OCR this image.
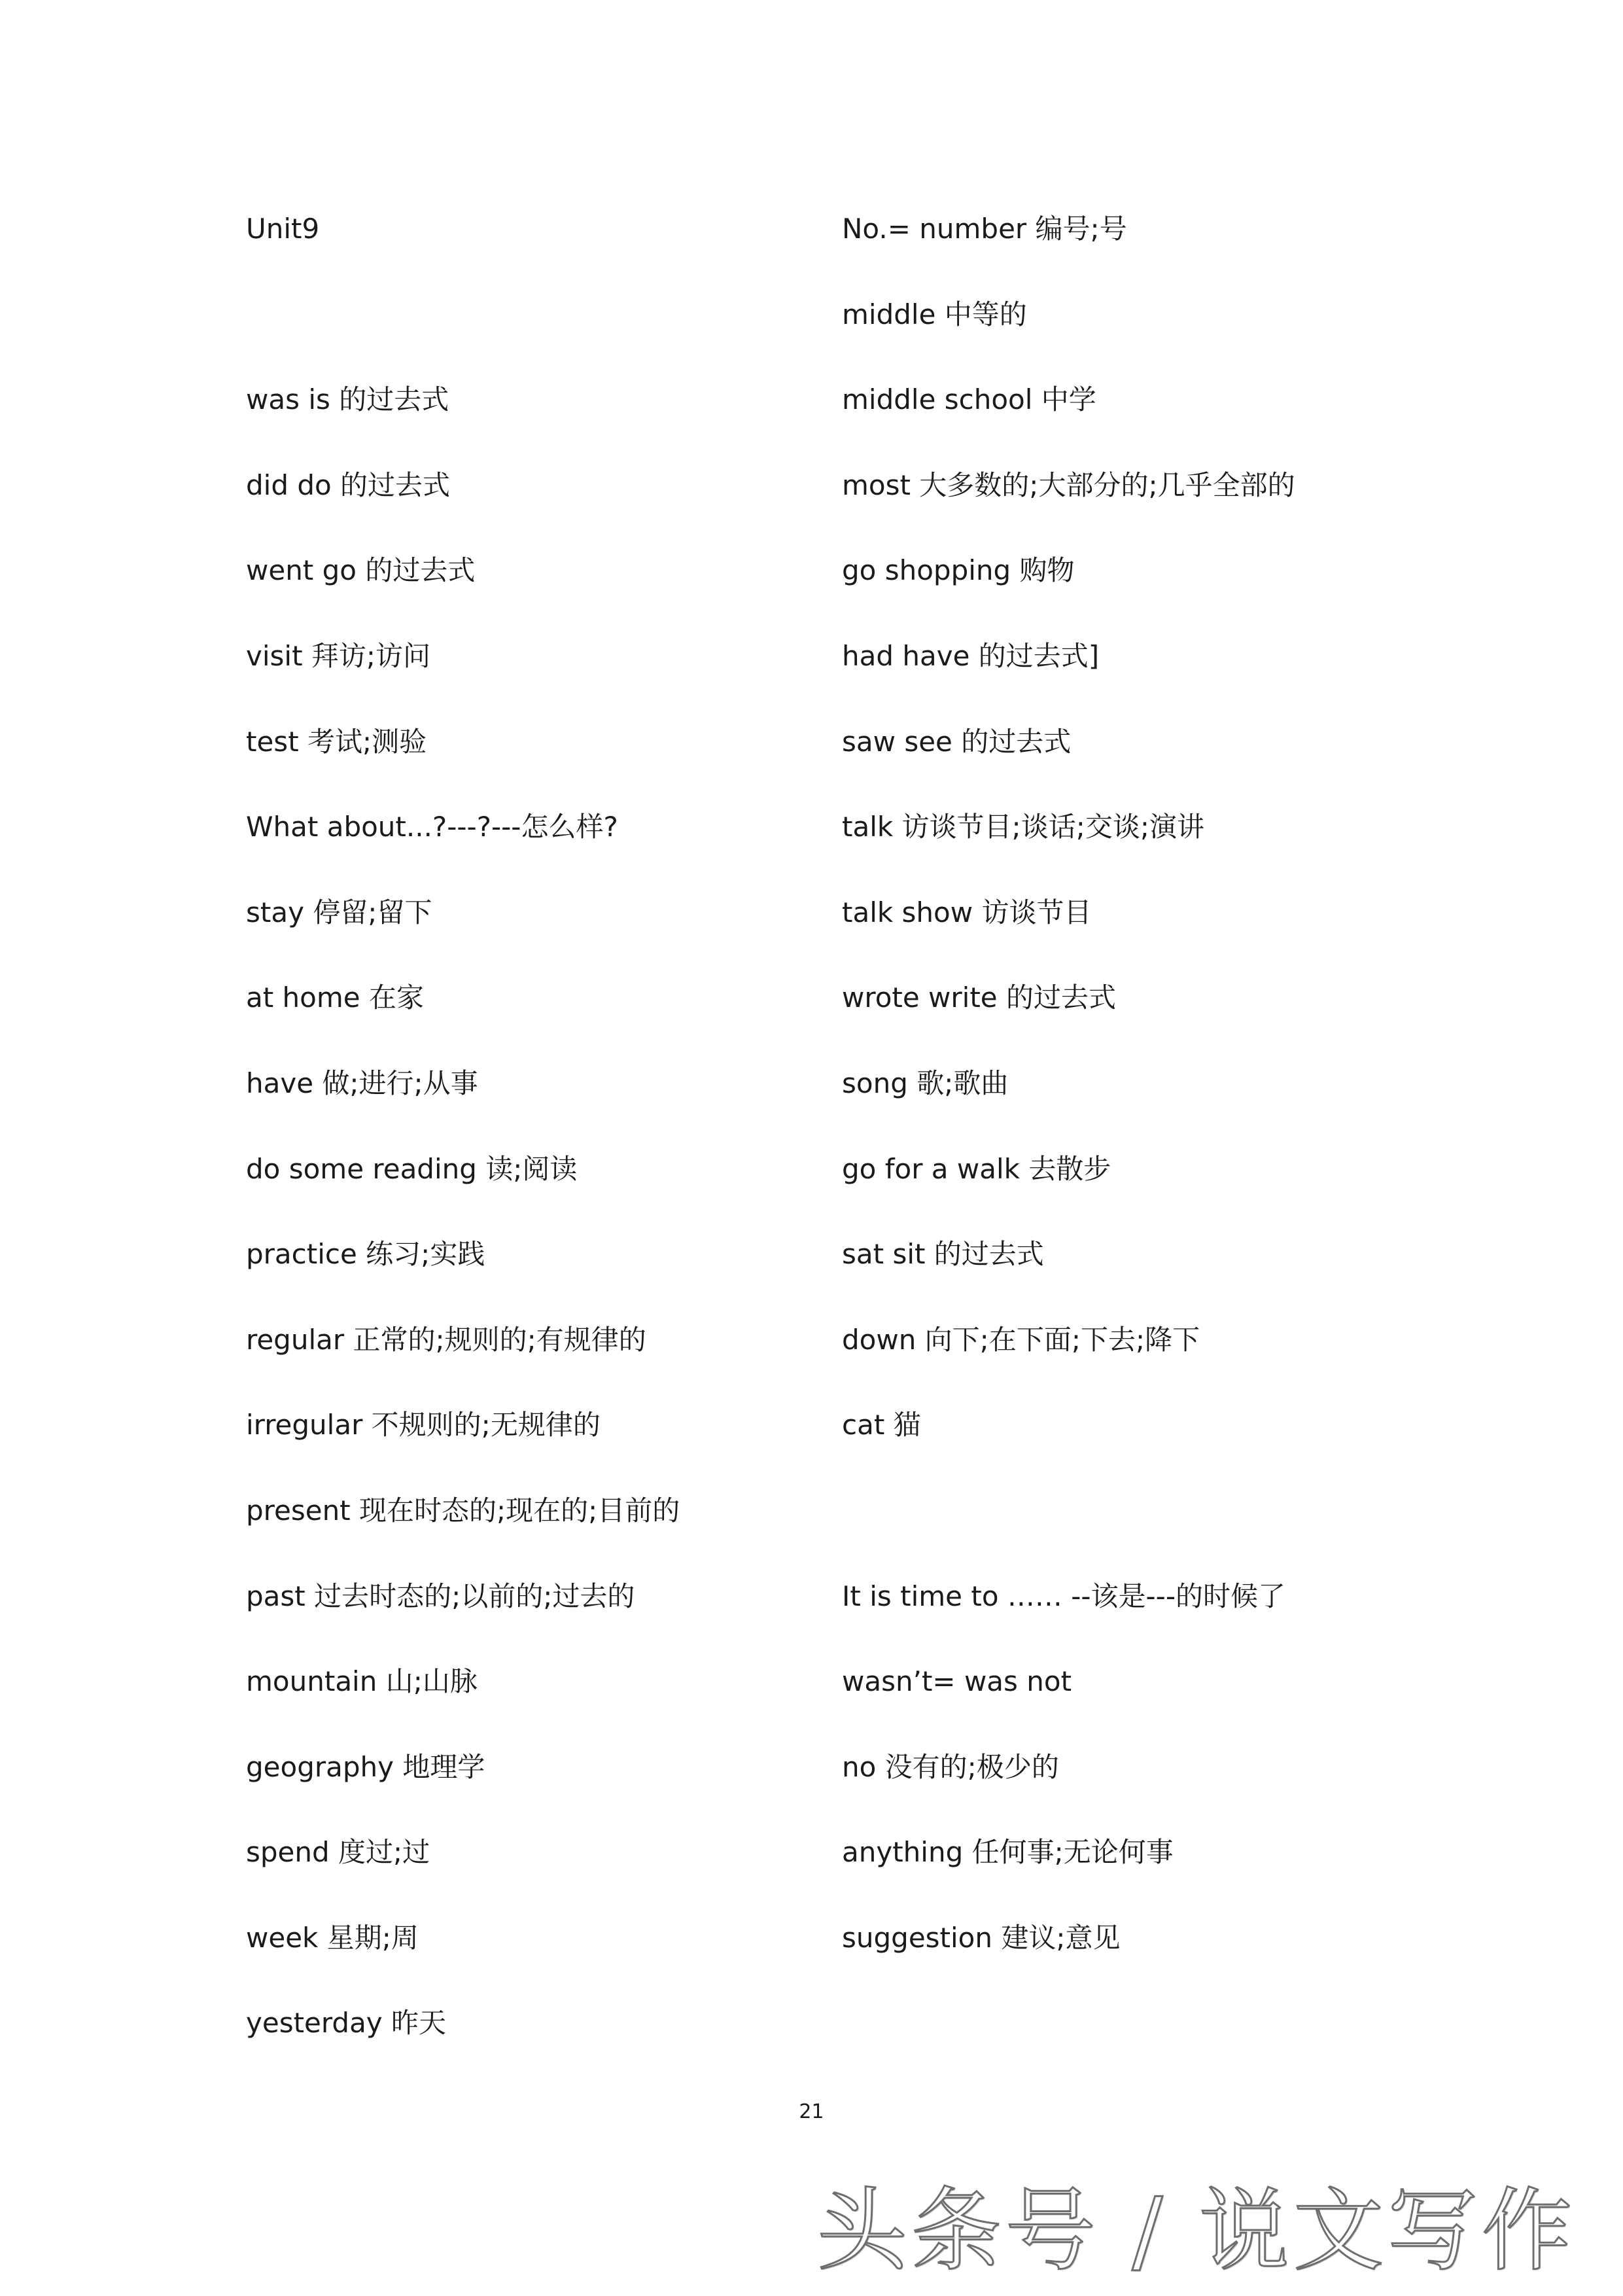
Unit9
was is 的过去式
did do 的过去式
went go 的过去式
visit 拜访;访问
test 考试;测验
What about...?---?---怎么样?
stay 停留;留下
at home 在家
have 做;进行;从事
do some reading 读;阅读
practice 练习;实践
regular 正常的;规则的;有规律的
irregular 不规则的;无规律的
present 现在时态的;现在的;目前的
past 过去时态的;以前的;过去的
mountain 山;山脉
geography 地理学
spend 度过;过
week 星期;周
yesterday 昨天
No.= number 编号;号
middle 中等的
middle school 中学
most 大多数的;大部分的;几乎全部的
go shopping 购物
had have 的过去式]
saw see 的过去式
talk 访谈节目;谈话;交谈;演讲
talk show 访谈节目
wrote write 的过去式
song 歌;歌曲
go for a walk 去散步
sat sit 的过去式
down 向下;在下面;下去;降下
cat 猫
It is time to …… --该是---的时候了
wasn’t= was not
no 没有的;极少的
anything 任何事;无论何事
suggestion 建议;意见
21
头条号 / 说文写作
